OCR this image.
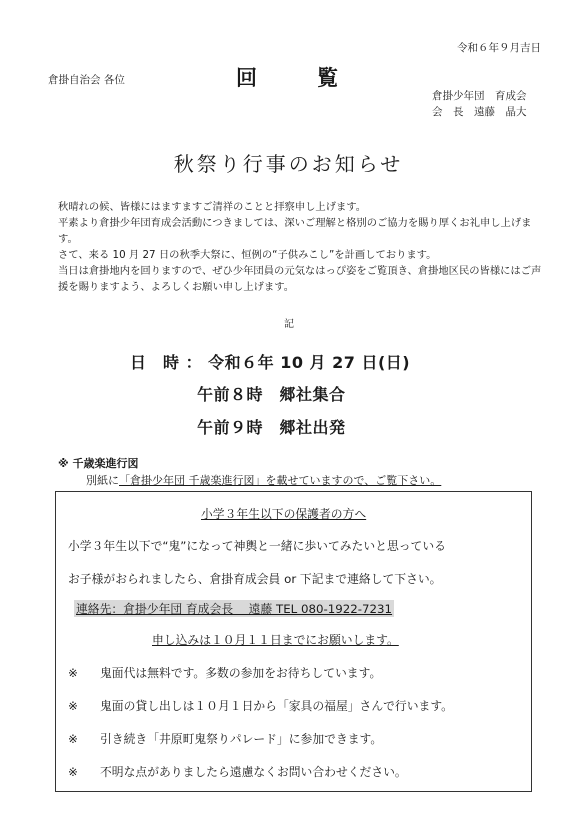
令和６年９月吉日
倉掛自治会 各位	回	覧
倉掛少年団　育成会
会　長　遠藤　晶大
秋祭り行事のお知らせ

秋晴れの候、皆様にはますますご清祥のことと拝察申し上げます。

平素より倉掛少年団育成会活動につきましては、深いご理解と格別のご協力を賜り厚くお礼申し上げます。

さて、来る 10 月 27 日の秋季大祭に、恒例の“子供みこし”を計画しております。

当日は倉掛地内を回りますので、ぜひ少年団員の元気なはっぴ姿をご覧頂き、倉掛地区民の皆様にはご声援を賜りますよう、よろしくお願い申し上げます。

記
日　時 ： 令和６年 10 月 27 日(日)
午前８時　郷社集合
午前９時　郷社出発
※ 千歳楽進行図
別紙に「倉掛少年団 千歳楽進行図」を載せていますので、ご覧下さい。
小学３年生以下の保護者の方へ
小学３年生以下で“鬼”になって神輿と一緒に歩いてみたいと思っている
お子様がおられましたら、倉掛育成会員 or 下記まで連絡して下さい。
連絡先：倉掛少年団 育成会長　 遠藤 TEL 080-1922-7231
申し込みは１０月１１日までにお願いします。
※ 鬼面代は無料です。多数の参加をお待ちしています。
※ 鬼面の貸し出しは１０月１日から「家具の福屋」さんで行います。
※ 引き続き「井原町鬼祭りパレード」に参加できます。
※ 不明な点がありましたら遠慮なくお問い合わせください。
